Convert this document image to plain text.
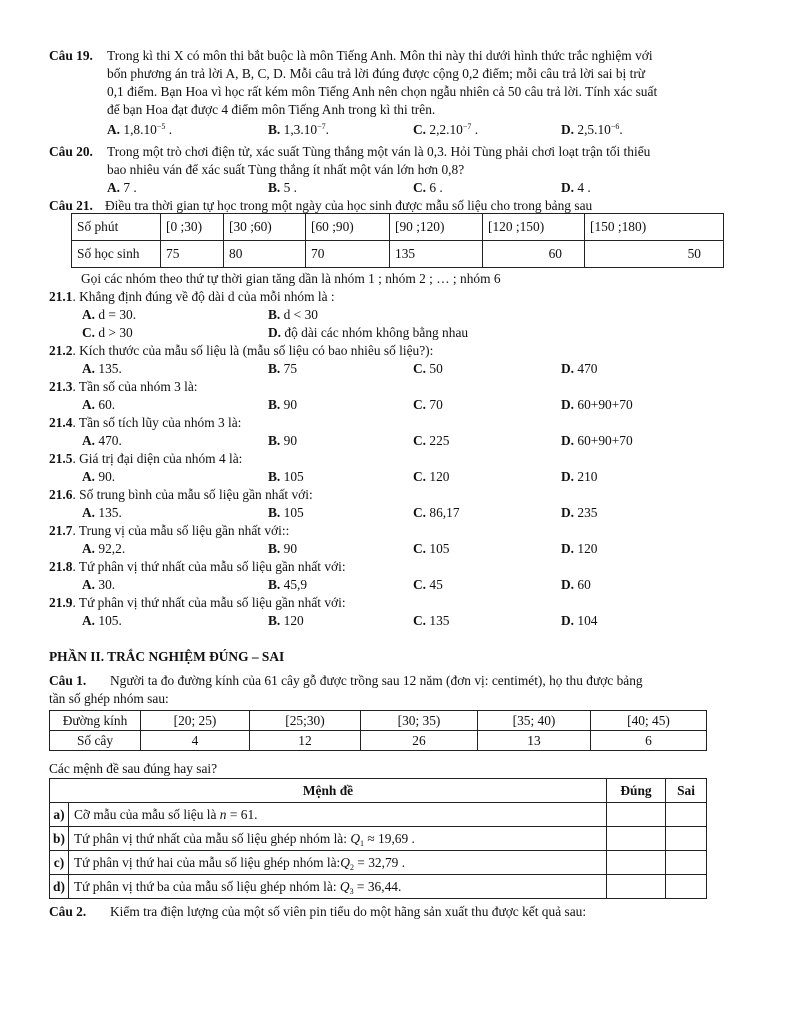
Câu 19. Trong kì thi X có môn thi bắt buộc là môn Tiếng Anh. Môn thi này thi dưới hình thức trắc nghiệm với
bốn phương án trả lời A, B, C, D. Mỗi câu trả lời đúng được cộng 0,2 điểm; mỗi câu trả lời sai bị trừ
0,1 điểm. Bạn Hoa vì học rất kém môn Tiếng Anh nên chọn ngẫu nhiên cả 50 câu trả lời. Tính xác suất
để bạn Hoa đạt được 4 điểm môn Tiếng Anh trong kì thi trên.
A. $1,8.10^{-5}$ .	B. $1,3.10^{-7}$.	C. $2,2.10^{-7}$ .	D. $2,5.10^{-6}$.
Câu 20. Trong một trò chơi điện tử, xác suất Tùng thắng một ván là 0,3. Hỏi Tùng phải chơi loạt trận tối thiểu
bao nhiêu ván để xác suất Tùng thắng ít nhất một ván lớn hơn 0,8?
A. 7 .	B. 5 .	C. 6 .	D. 4 .
Câu 21. Điều tra thời gian tự học trong một ngày của học sinh được mẫu số liệu cho trong bảng sau
Số phút	[0 ;30)	[30 ;60)	[60 ;90)	[90 ;120)	[120 ;150)	[150 ;180)
Số học sinh	75	80	70	135	60	50
Gọi các nhóm theo thứ tự thời gian tăng dần là nhóm 1 ; nhóm 2 ; … ; nhóm 6
21.1. Khẳng định đúng về độ dài d của mỗi nhóm là :
A. d = 30.	B. d < 30
C. d > 30	D. độ dài các nhóm không bằng nhau
21.2. Kích thước của mẫu số liệu là (mẫu số liệu có bao nhiêu số liệu?):
A. 135.	B. 75	C. 50	D. 470
21.3. Tần số của nhóm 3 là:
A. 60.	B. 90	C. 70	D. 60+90+70
21.4. Tần số tích lũy của nhóm 3 là:
A. 470.	B. 90	C. 225	D. 60+90+70
21.5. Giá trị đại diện của nhóm 4 là:
A. 90.	B. 105	C. 120	D. 210
21.6. Số trung bình của mẫu số liệu gần nhất với:
A. 135.	B. 105	C. 86,17	D. 235
21.7. Trung vị của mẫu số liệu gần nhất với::
A. 92,2.	B. 90	C. 105	D. 120
21.8. Tứ phân vị thứ nhất của mẫu số liệu gần nhất với:
A. 30.	B. 45,9	C. 45	D. 60
21.9. Tứ phân vị thứ nhất của mẫu số liệu gần nhất với:
A. 105.	B. 120	C. 135	D. 104
PHẦN II. TRẮC NGHIỆM ĐÚNG – SAI
Câu 1. Người ta đo đường kính của 61 cây gỗ được trồng sau 12 năm (đơn vị: centimét), họ thu được bảng
tần số ghép nhóm sau:
Đường kính	[20; 25)	[25;30)	[30; 35)	[35; 40)	[40; 45)
Số cây	4	12	26	13	6
Các mệnh đề sau đúng hay sai?
Mệnh đề		Đúng	Sai
a)	Cỡ mẫu của mẫu số liệu là n = 61.		
b)	Tứ phân vị thứ nhất của mẫu số liệu ghép nhóm là: $Q_1 \approx 19,69$ .		
c)	Tứ phân vị thứ hai của mẫu số liệu ghép nhóm $là:Q_2 = 32,79$ .		
d)	Tứ phân vị thứ ba của mẫu số liệu ghép nhóm là: $Q_3 = 36,44$.		
Câu 2. Kiểm tra điện lượng của một số viên pin tiểu do một hãng sản xuất thu được kết quả sau:
